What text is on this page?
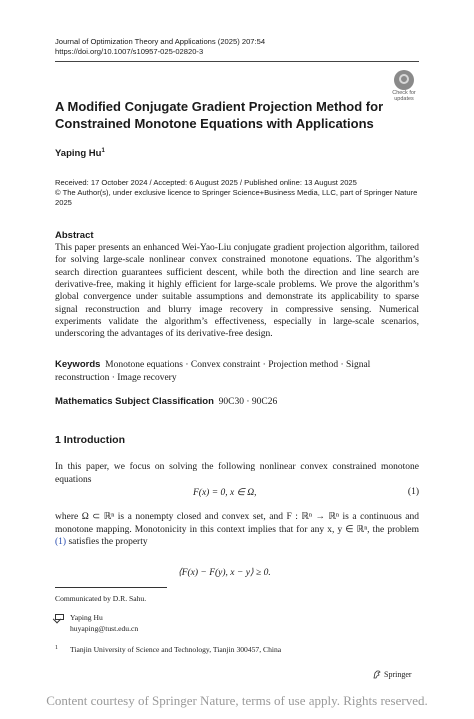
Journal of Optimization Theory and Applications (2025) 207:54
https://doi.org/10.1007/s10957-025-02820-3
Check for
updates
A Modified Conjugate Gradient Projection Method for Constrained Monotone Equations with Applications
Yaping Hu$^1$
Received: 17 October 2024 / Accepted: 6 August 2025 / Published online: 13 August 2025
© The Author(s), under exclusive licence to Springer Science+Business Media, LLC, part of Springer Nature 2025
Abstract
This paper presents an enhanced Wei-Yao-Liu conjugate gradient projection algorithm, tailored for solving large-scale nonlinear convex constrained monotone equations. The algorithm’s search direction guarantees sufficient descent, while both the direction and line search are derivative-free, making it highly efficient for large-scale problems. We prove the algorithm’s global convergence under suitable assumptions and demonstrate its applicability to sparse signal reconstruction and blurry image recovery in compressive sensing. Numerical experiments validate the algorithm’s effectiveness, especially in large-scale scenarios, underscoring the advantages of its derivative-free design.
Keywords Monotone equations · Convex constraint · Projection method · Signal reconstruction · Image recovery
Mathematics Subject Classification 90C30 · 90C26
1 Introduction
In this paper, we focus on solving the following nonlinear convex constrained monotone equations
F(x) = 0, x ∈ Ω,	(1)
where Ω ⊂ ℝⁿ is a nonempty closed and convex set, and F : ℝⁿ → ℝⁿ is a continuous and monotone mapping. Monotonicity in this context implies that for any x, y ∈ ℝⁿ, the problem (1) satisfies the property
⟨F(x) − F(y), x − y⟩ ≥ 0.
Communicated by D.R. Sahu.
Yaping Hu
huyaping@tust.edu.cn
1 Tianjin University of Science and Technology, Tianjin 300457, China
Springer
Content courtesy of Springer Nature, terms of use apply. Rights reserved.
